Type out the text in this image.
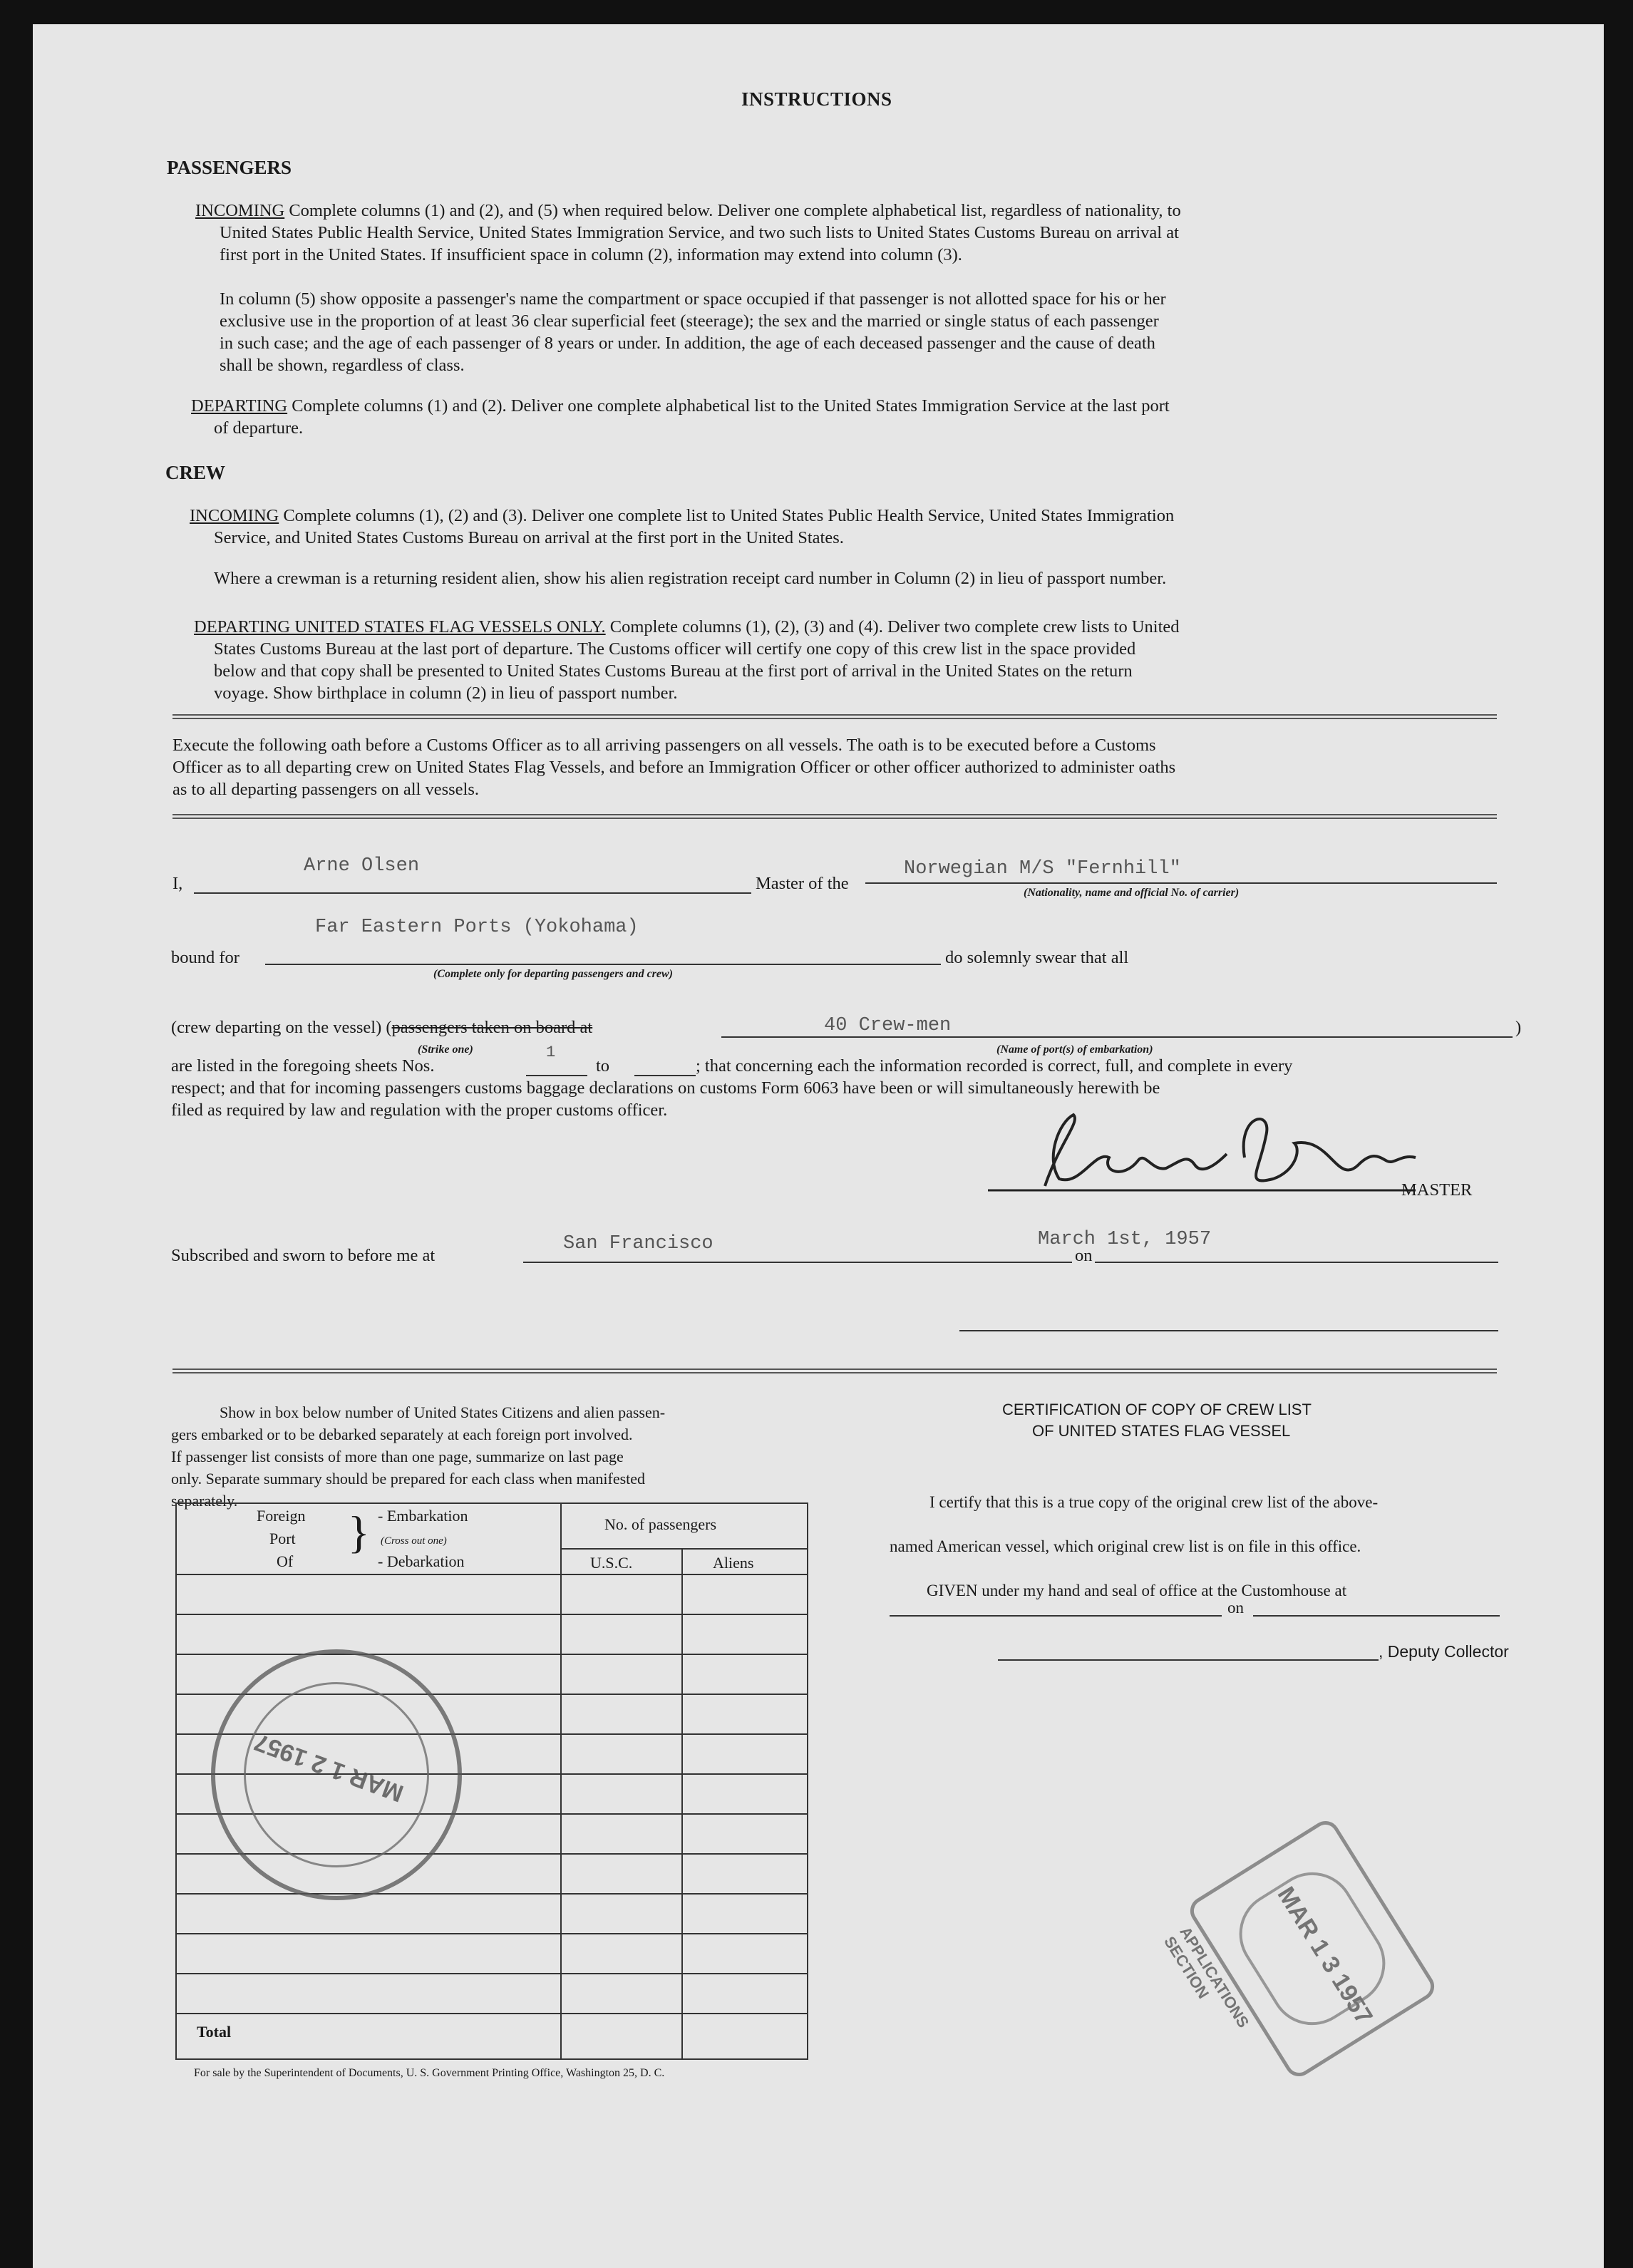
INSTRUCTIONS
PASSENGERS
INCOMING Complete columns (1) and (2), and (5) when required below. Deliver one complete alphabetical list, regardless of nationality, to
United States Public Health Service, United States Immigration Service, and two such lists to United States Customs Bureau on arrival at
first port in the United States. If insufficient space in column (2), information may extend into column (3).
In column (5) show opposite a passenger's name the compartment or space occupied if that passenger is not allotted space for his or her
exclusive use in the proportion of at least 36 clear superficial feet (steerage); the sex and the married or single status of each passenger
in such case; and the age of each passenger of 8 years or under. In addition, the age of each deceased passenger and the cause of death
shall be shown, regardless of class.
DEPARTING Complete columns (1) and (2). Deliver one complete alphabetical list to the United States Immigration Service at the last port
of departure.
CREW
INCOMING Complete columns (1), (2) and (3). Deliver one complete list to United States Public Health Service, United States Immigration
Service, and United States Customs Bureau on arrival at the first port in the United States.
Where a crewman is a returning resident alien, show his alien registration receipt card number in Column (2) in lieu of passport number.
DEPARTING UNITED STATES FLAG VESSELS ONLY. Complete columns (1), (2), (3) and (4). Deliver two complete crew lists to United
States Customs Bureau at the last port of departure. The Customs officer will certify one copy of this crew list in the space provided
below and that copy shall be presented to United States Customs Bureau at the first port of arrival in the United States on the return
voyage. Show birthplace in column (2) in lieu of passport number.
Execute the following oath before a Customs Officer as to all arriving passengers on all vessels. The oath is to be executed before a Customs
Officer as to all departing crew on United States Flag Vessels, and before an Immigration Officer or other officer authorized to administer oaths
as to all departing passengers on all vessels.
I,
Arne Olsen
Master of the
Norwegian M/S "Fernhill"
(Nationality, name and official No. of carrier)
bound for
Far Eastern Ports (Yokohama)
(Complete only for departing passengers and crew)
do solemnly swear that all
(crew departing on the vessel) (passengers taken on board at
(Strike one)
40 Crew-men
(Name of port(s) of embarkation)
)
are listed in the foregoing sheets Nos.
1
to	; that concerning each the information recorded is correct, full, and complete in every
respect; and that for incoming passengers customs baggage declarations on customs Form 6063 have been or will simultaneously herewith be
filed as required by law and regulation with the proper customs officer.
MASTER
Subscribed and sworn to before me at
San Francisco	March 1st, 1957
on
Show in box below number of United States Citizens and alien passen-
gers embarked or to be debarked separately at each foreign port involved.
If passenger list consists of more than one page, summarize on last page
only. Separate summary should be prepared for each class when manifested
separately.
Foreign
Port
Of
} - Embarkation
(Cross out one)
- Debarkation
No. of passengers
U.S.C.	Aliens
Total
For sale by the Superintendent of Documents, U. S. Government Printing Office, Washington 25, D. C.
CERTIFICATION OF COPY OF CREW LIST
OF UNITED STATES FLAG VESSEL
I certify that this is a true copy of the original crew list of the above-
named American vessel, which original crew list is on file in this office.
GIVEN under my hand and seal of office at the Customhouse at
on
, Deputy Collector
MAR 1 2 1957
MAR 1 3 1957
APPLICATIONS SECTION
